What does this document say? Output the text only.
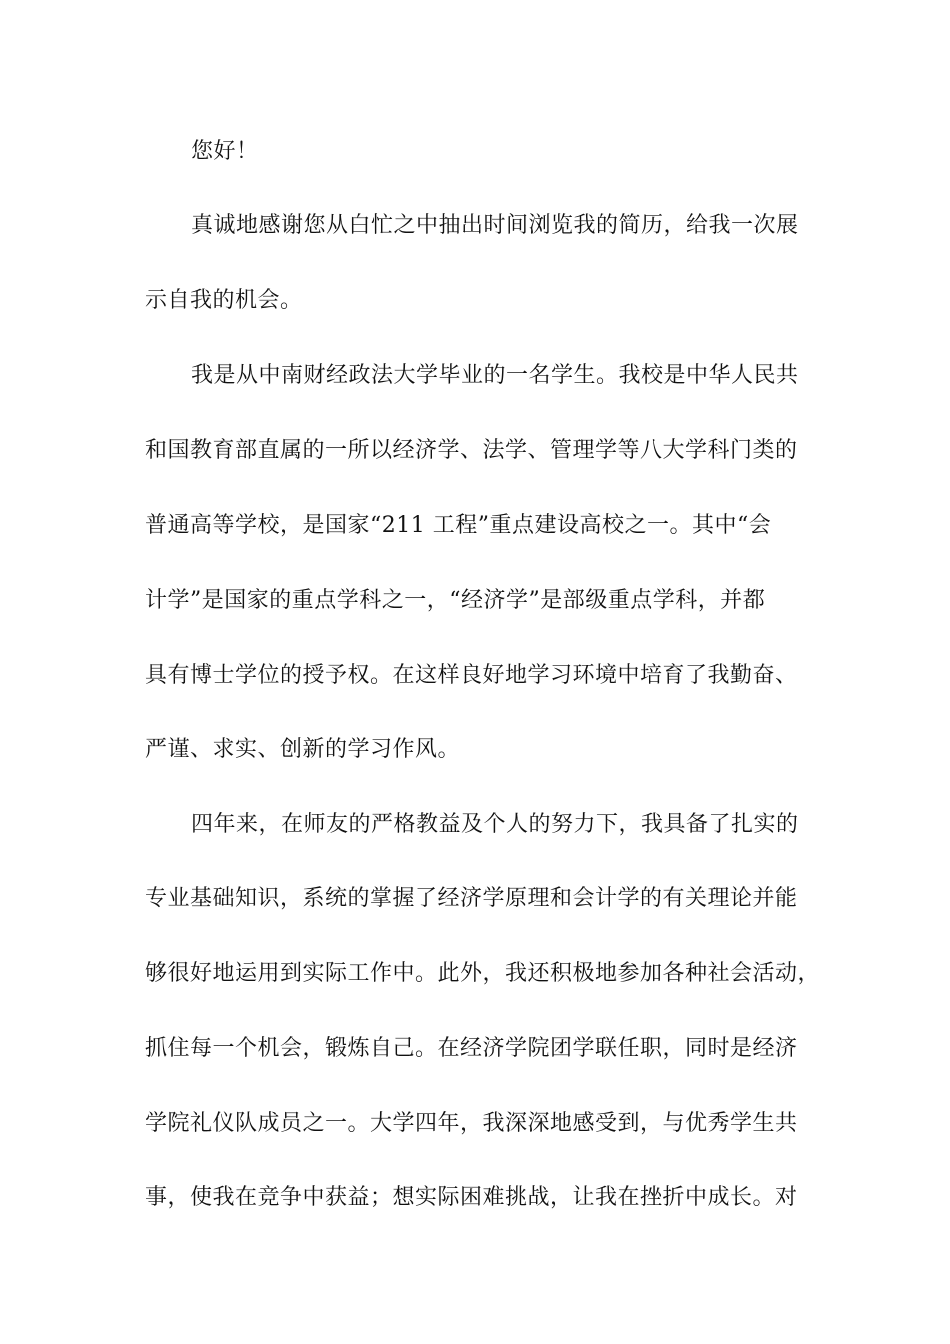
您好！
真诚地感谢您从白忙之中抽出时间浏览我的简历，给我一次展
示自我的机会。
我是从中南财经政法大学毕业的一名学生。我校是中华人民共
和国教育部直属的一所以经济学、法学、管理学等八大学科门类的
普通高等学校，是国家“211 工程”重点建设高校之一。其中“会
计学”是国家的重点学科之一，“经济学”是部级重点学科，并都
具有博士学位的授予权。在这样良好地学习环境中培育了我勤奋、
严谨、求实、创新的学习作风。
四年来，在师友的严格教益及个人的努力下，我具备了扎实的
专业基础知识，系统的掌握了经济学原理和会计学的有关理论并能
够很好地运用到实际工作中。此外，我还积极地参加各种社会活动，
抓住每一个机会，锻炼自己。在经济学院团学联任职，同时是经济
学院礼仪队成员之一。大学四年，我深深地感受到，与优秀学生共
事，使我在竞争中获益；想实际困难挑战，让我在挫折中成长。对
